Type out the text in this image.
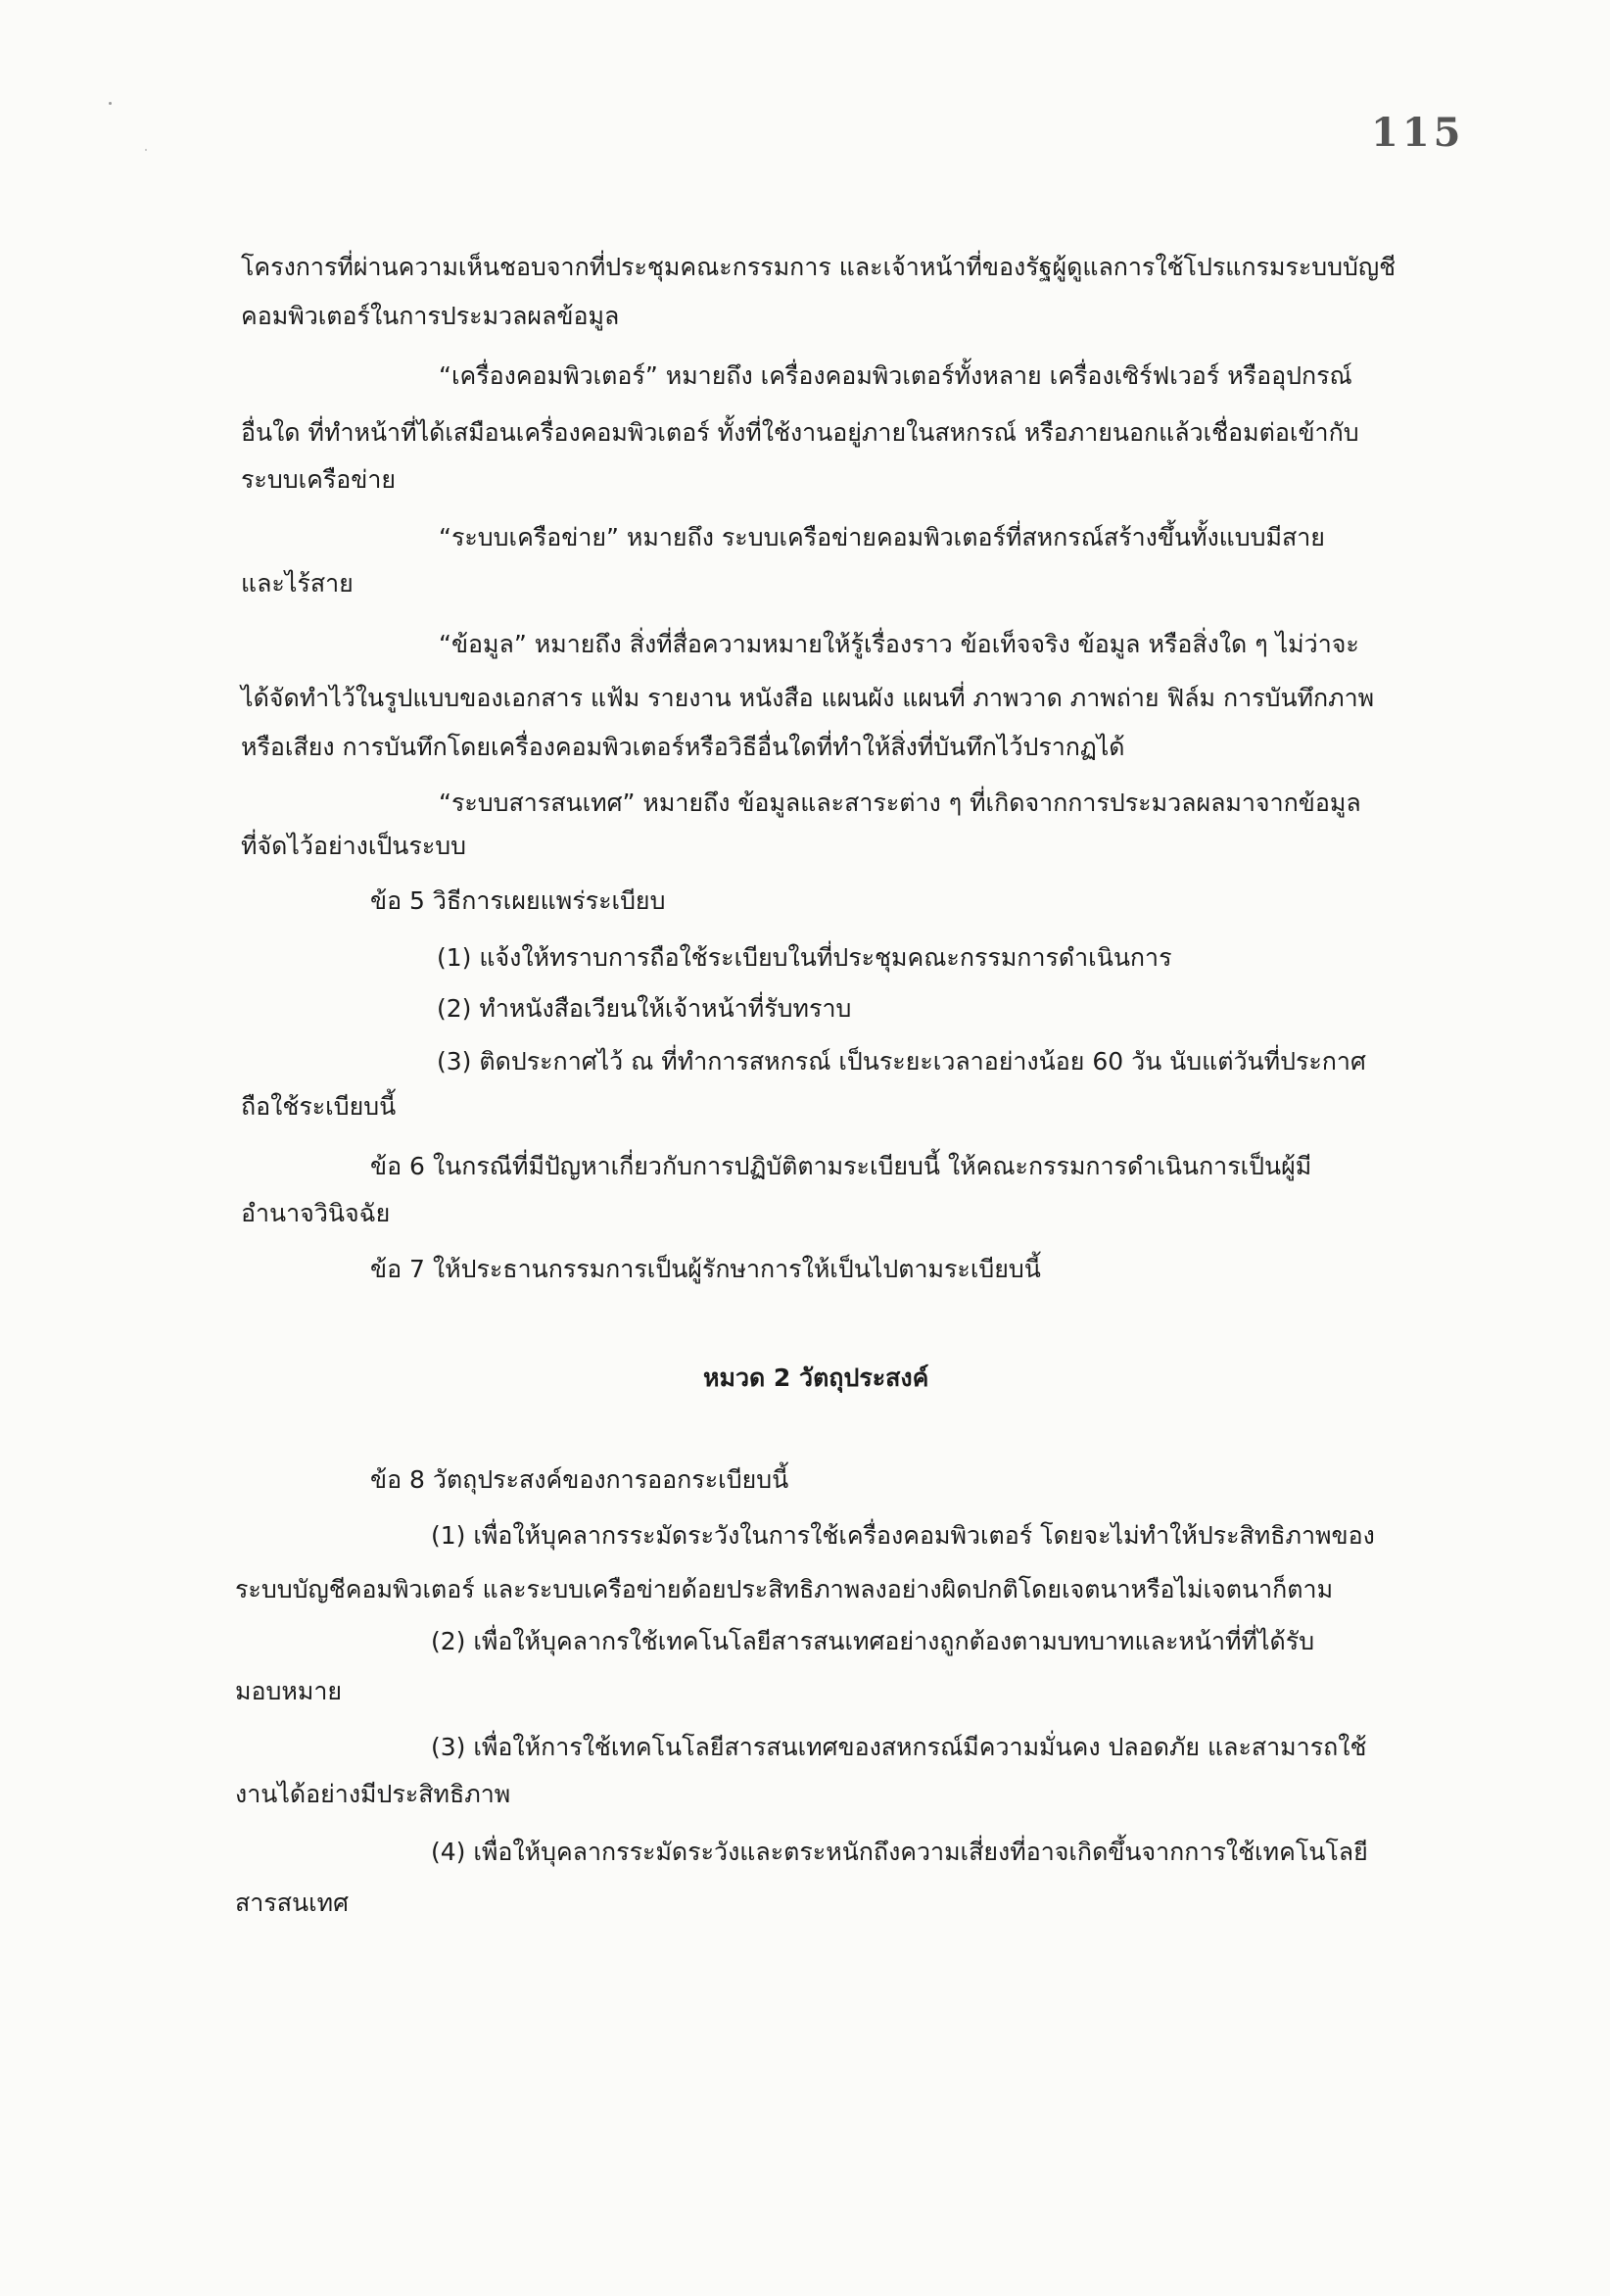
115
โครงการที่ผ่านความเห็นชอบจากที่ประชุมคณะกรรมการ และเจ้าหน้าที่ของรัฐผู้ดูแลการใช้โปรแกรมระบบบัญชี
คอมพิวเตอร์ในการประมวลผลข้อมูล
“เครื่องคอมพิวเตอร์” หมายถึง เครื่องคอมพิวเตอร์ทั้งหลาย เครื่องเซิร์ฟเวอร์ หรืออุปกรณ์
อื่นใด ที่ทำหน้าที่ได้เสมือนเครื่องคอมพิวเตอร์ ทั้งที่ใช้งานอยู่ภายในสหกรณ์ หรือภายนอกแล้วเชื่อมต่อเข้ากับ
ระบบเครือข่าย
“ระบบเครือข่าย” หมายถึง ระบบเครือข่ายคอมพิวเตอร์ที่สหกรณ์สร้างขึ้นทั้งแบบมีสาย
และไร้สาย
“ข้อมูล” หมายถึง สิ่งที่สื่อความหมายให้รู้เรื่องราว ข้อเท็จจริง ข้อมูล หรือสิ่งใด ๆ ไม่ว่าจะ
ได้จัดทำไว้ในรูปแบบของเอกสาร แฟ้ม รายงาน หนังสือ แผนผัง แผนที่ ภาพวาด ภาพถ่าย ฟิล์ม การบันทึกภาพ
หรือเสียง การบันทึกโดยเครื่องคอมพิวเตอร์หรือวิธีอื่นใดที่ทำให้สิ่งที่บันทึกไว้ปรากฏได้
“ระบบสารสนเทศ” หมายถึง ข้อมูลและสาระต่าง ๆ ที่เกิดจากการประมวลผลมาจากข้อมูล
ที่จัดไว้อย่างเป็นระบบ
ข้อ 5 วิธีการเผยแพร่ระเบียบ
(1) แจ้งให้ทราบการถือใช้ระเบียบในที่ประชุมคณะกรรมการดำเนินการ
(2) ทำหนังสือเวียนให้เจ้าหน้าที่รับทราบ
(3) ติดประกาศไว้ ณ ที่ทำการสหกรณ์ เป็นระยะเวลาอย่างน้อย 60 วัน นับแต่วันที่ประกาศ
ถือใช้ระเบียบนี้
ข้อ 6 ในกรณีที่มีปัญหาเกี่ยวกับการปฏิบัติตามระเบียบนี้ ให้คณะกรรมการดำเนินการเป็นผู้มี
อำนาจวินิจฉัย
ข้อ 7 ให้ประธานกรรมการเป็นผู้รักษาการให้เป็นไปตามระเบียบนี้
หมวด 2 วัตถุประสงค์
ข้อ 8 วัตถุประสงค์ของการออกระเบียบนี้
(1) เพื่อให้บุคลากรระมัดระวังในการใช้เครื่องคอมพิวเตอร์ โดยจะไม่ทำให้ประสิทธิภาพของ
ระบบบัญชีคอมพิวเตอร์ และระบบเครือข่ายด้อยประสิทธิภาพลงอย่างผิดปกติโดยเจตนาหรือไม่เจตนาก็ตาม
(2) เพื่อให้บุคลากรใช้เทคโนโลยีสารสนเทศอย่างถูกต้องตามบทบาทและหน้าที่ที่ได้รับ
มอบหมาย
(3) เพื่อให้การใช้เทคโนโลยีสารสนเทศของสหกรณ์มีความมั่นคง ปลอดภัย และสามารถใช้
งานได้อย่างมีประสิทธิภาพ
(4) เพื่อให้บุคลากรระมัดระวังและตระหนักถึงความเสี่ยงที่อาจเกิดขึ้นจากการใช้เทคโนโลยี
สารสนเทศ
